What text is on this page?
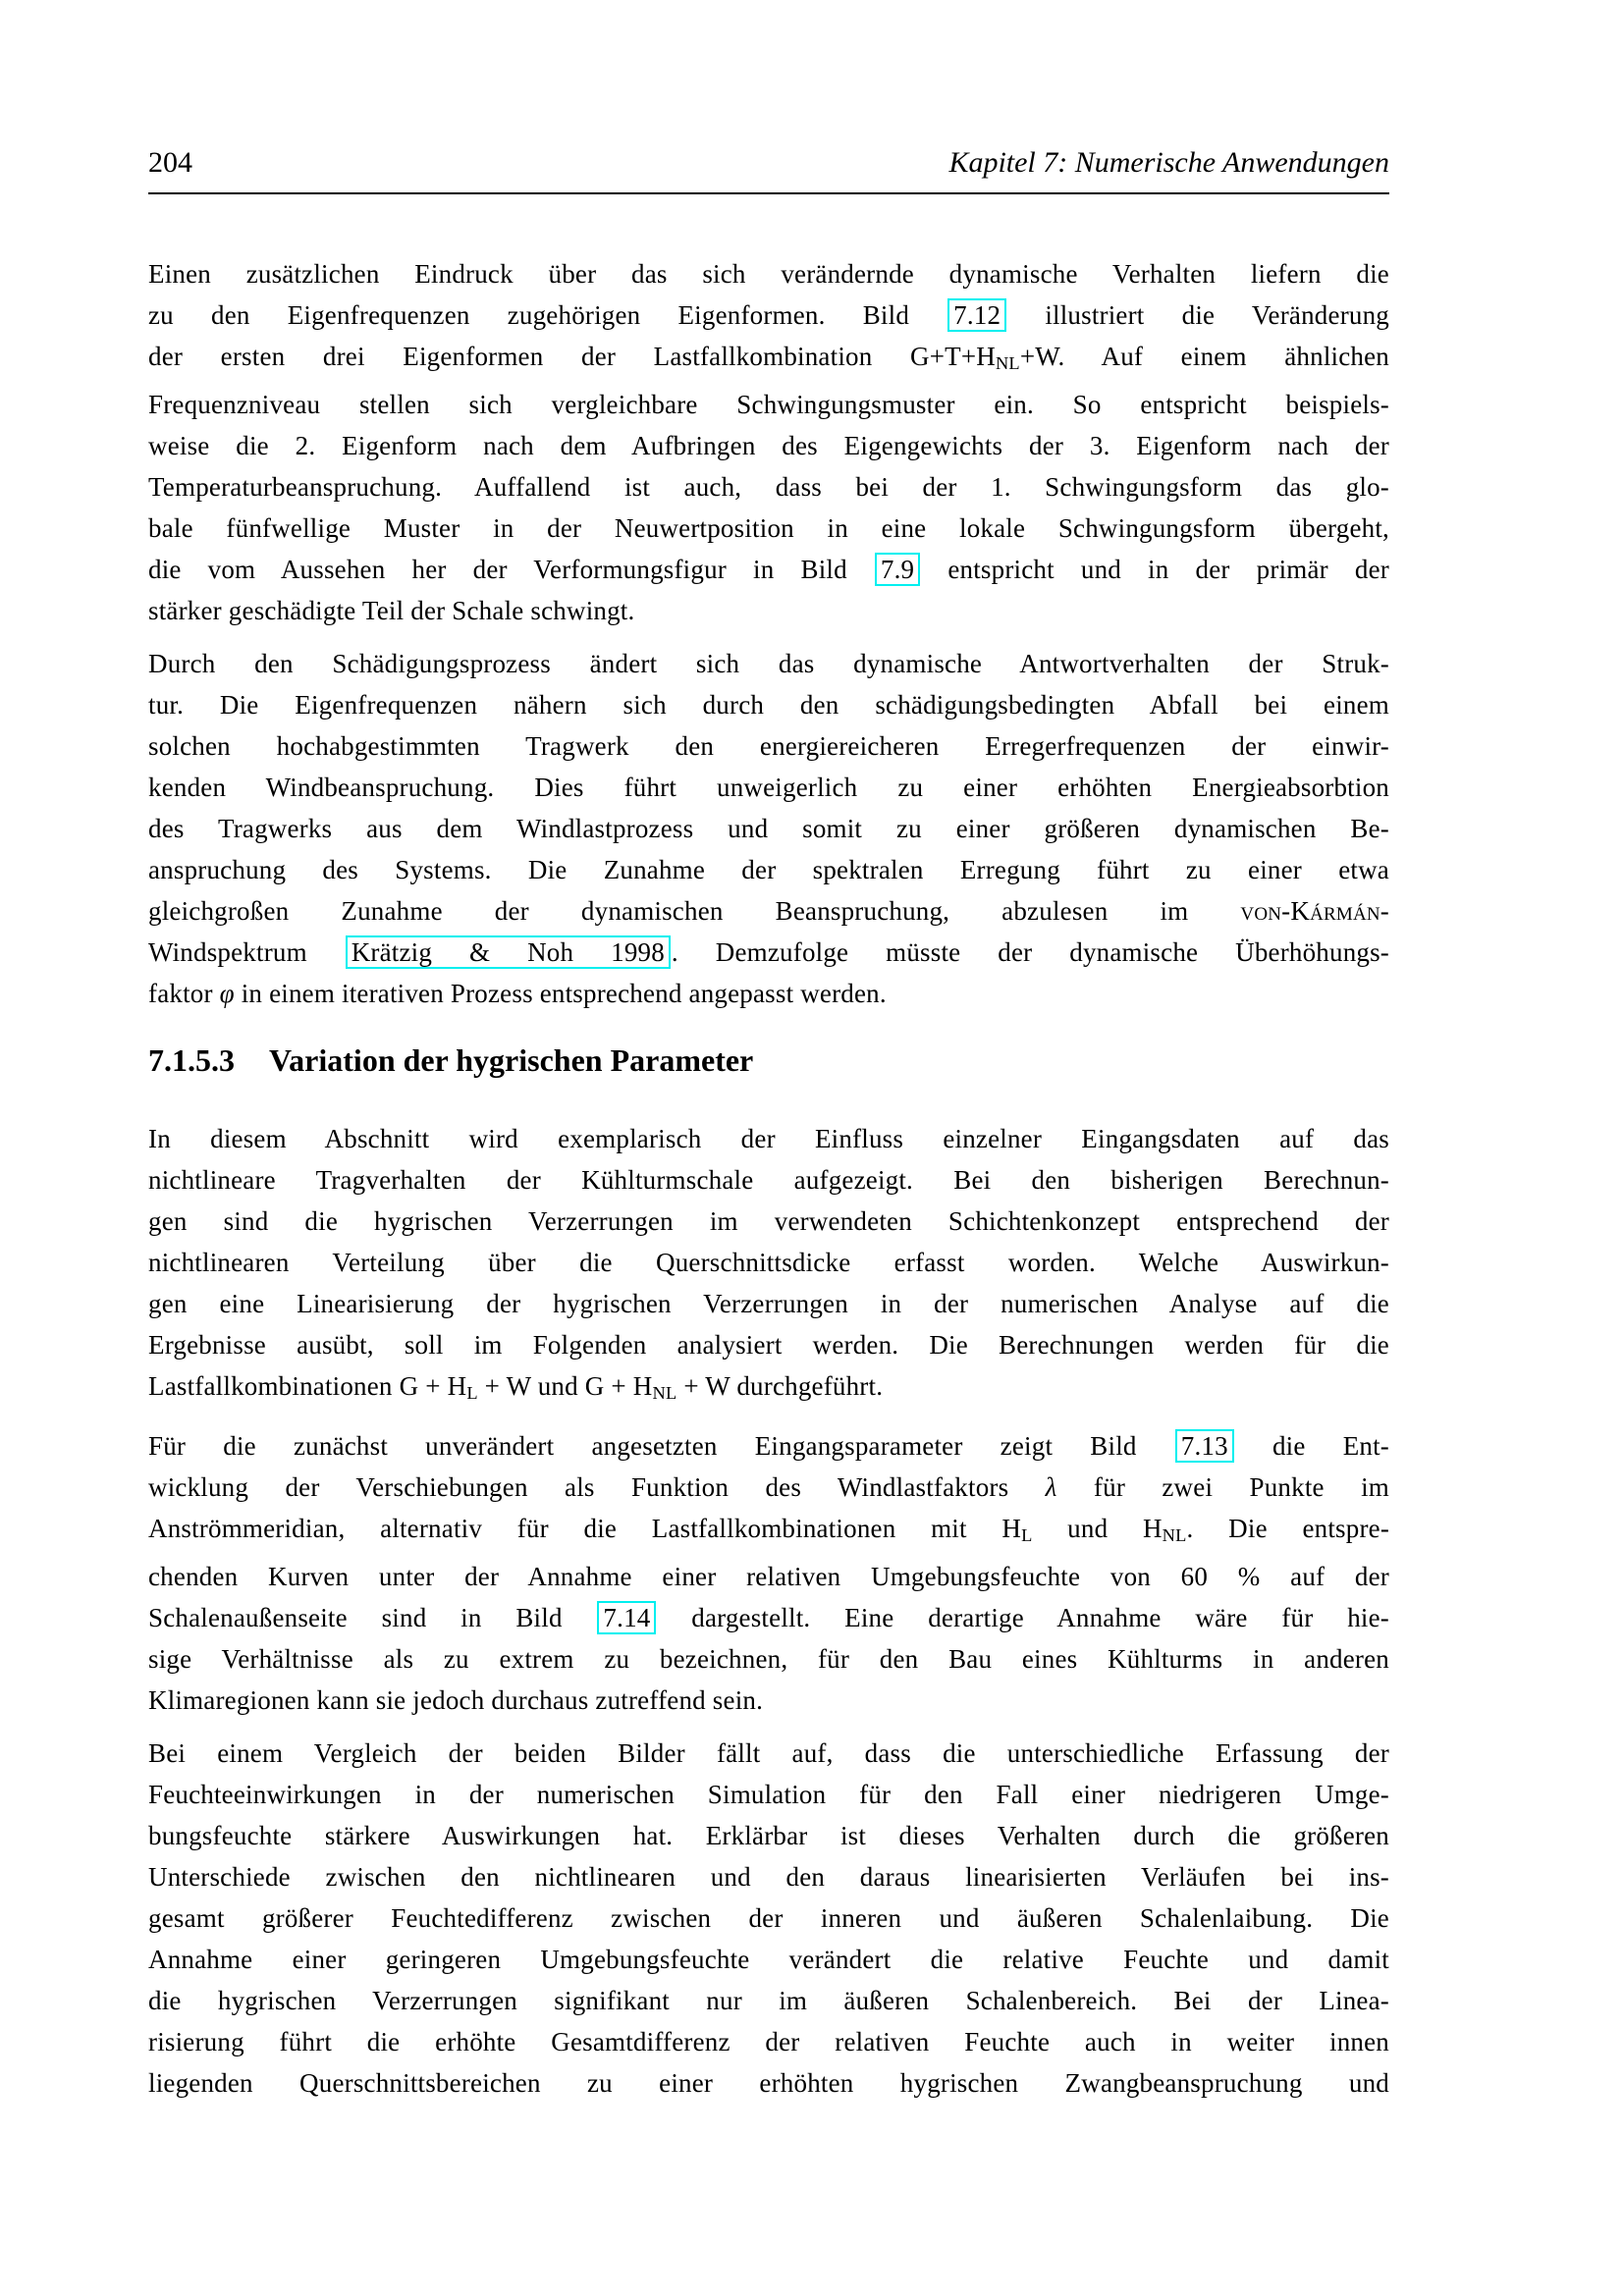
204	Kapitel 7: Numerische Anwendungen
Einen zusätzlichen Eindruck über das sich verändernde dynamische Verhalten liefern die
zu den Eigenfrequenzen zugehörigen Eigenformen. Bild 7.12 illustriert die Veränderung
der ersten drei Eigenformen der Lastfallkombination $G+T+H_{NL}+W$. Auf einem ähnlichen
Frequenzniveau stellen sich vergleichbare Schwingungsmuster ein. So entspricht beispiels-
weise die 2. Eigenform nach dem Aufbringen des Eigengewichts der 3. Eigenform nach der
Temperaturbeanspruchung. Auffallend ist auch, dass bei der 1. Schwingungsform das glo-
bale fünfwellige Muster in der Neuwertposition in eine lokale Schwingungsform übergeht,
die vom Aussehen her der Verformungsfigur in Bild 7.9 entspricht und in der primär der
stärker geschädigte Teil der Schale schwingt.
Durch den Schädigungsprozess ändert sich das dynamische Antwortverhalten der Struk-
tur. Die Eigenfrequenzen nähern sich durch den schädigungsbedingten Abfall bei einem
solchen hochabgestimmten Tragwerk den energiereicheren Erregerfrequenzen der einwir-
kenden Windbeanspruchung. Dies führt unweigerlich zu einer erhöhten Energieabsorbtion
des Tragwerks aus dem Windlastprozess und somit zu einer größeren dynamischen Be-
anspruchung des Systems. Die Zunahme der spektralen Erregung führt zu einer etwa
gleichgroßen Zunahme der dynamischen Beanspruchung, abzulesen im von-Kármán-
Windspektrum Krätzig & Noh 1998 . Demzufolge müsste der dynamische Überhöhungs-
faktor φ in einem iterativen Prozess entsprechend angepasst werden.
7.1.5.3 Variation der hygrischen Parameter
In diesem Abschnitt wird exemplarisch der Einfluss einzelner Eingangsdaten auf das
nichtlineare Tragverhalten der Kühlturmschale aufgezeigt. Bei den bisherigen Berechnun-
gen sind die hygrischen Verzerrungen im verwendeten Schichtenkonzept entsprechend der
nichtlinearen Verteilung über die Querschnittsdicke erfasst worden. Welche Auswirkun-
gen eine Linearisierung der hygrischen Verzerrungen in der numerischen Analyse auf die
Ergebnisse ausübt, soll im Folgenden analysiert werden. Die Berechnungen werden für die
Lastfallkombinationen $G + H_L + W$ und $G + H_{NL} + W$ durchgeführt.
Für die zunächst unverändert angesetzten Eingangsparameter zeigt Bild 7.13 die Ent-
wicklung der Verschiebungen als Funktion des Windlastfaktors λ für zwei Punkte im
Anströmmeridian, alternativ für die Lastfallkombinationen mit $H_L$ und $H_{NL}$. Die entspre-
chenden Kurven unter der Annahme einer relativen Umgebungsfeuchte von 60 % auf der
Schalenaußenseite sind in Bild 7.14 dargestellt. Eine derartige Annahme wäre für hie-
sige Verhältnisse als zu extrem zu bezeichnen, für den Bau eines Kühlturms in anderen
Klimaregionen kann sie jedoch durchaus zutreffend sein.
Bei einem Vergleich der beiden Bilder fällt auf, dass die unterschiedliche Erfassung der
Feuchteeinwirkungen in der numerischen Simulation für den Fall einer niedrigeren Umge-
bungsfeuchte stärkere Auswirkungen hat. Erklärbar ist dieses Verhalten durch die größeren
Unterschiede zwischen den nichtlinearen und den daraus linearisierten Verläufen bei ins-
gesamt größerer Feuchtedifferenz zwischen der inneren und äußeren Schalenlaibung. Die
Annahme einer geringeren Umgebungsfeuchte verändert die relative Feuchte und damit
die hygrischen Verzerrungen signifikant nur im äußeren Schalenbereich. Bei der Linea-
risierung führt die erhöhte Gesamtdifferenz der relativen Feuchte auch in weiter innen
liegenden Querschnittsbereichen zu einer erhöhten hygrischen Zwangbeanspruchung und
